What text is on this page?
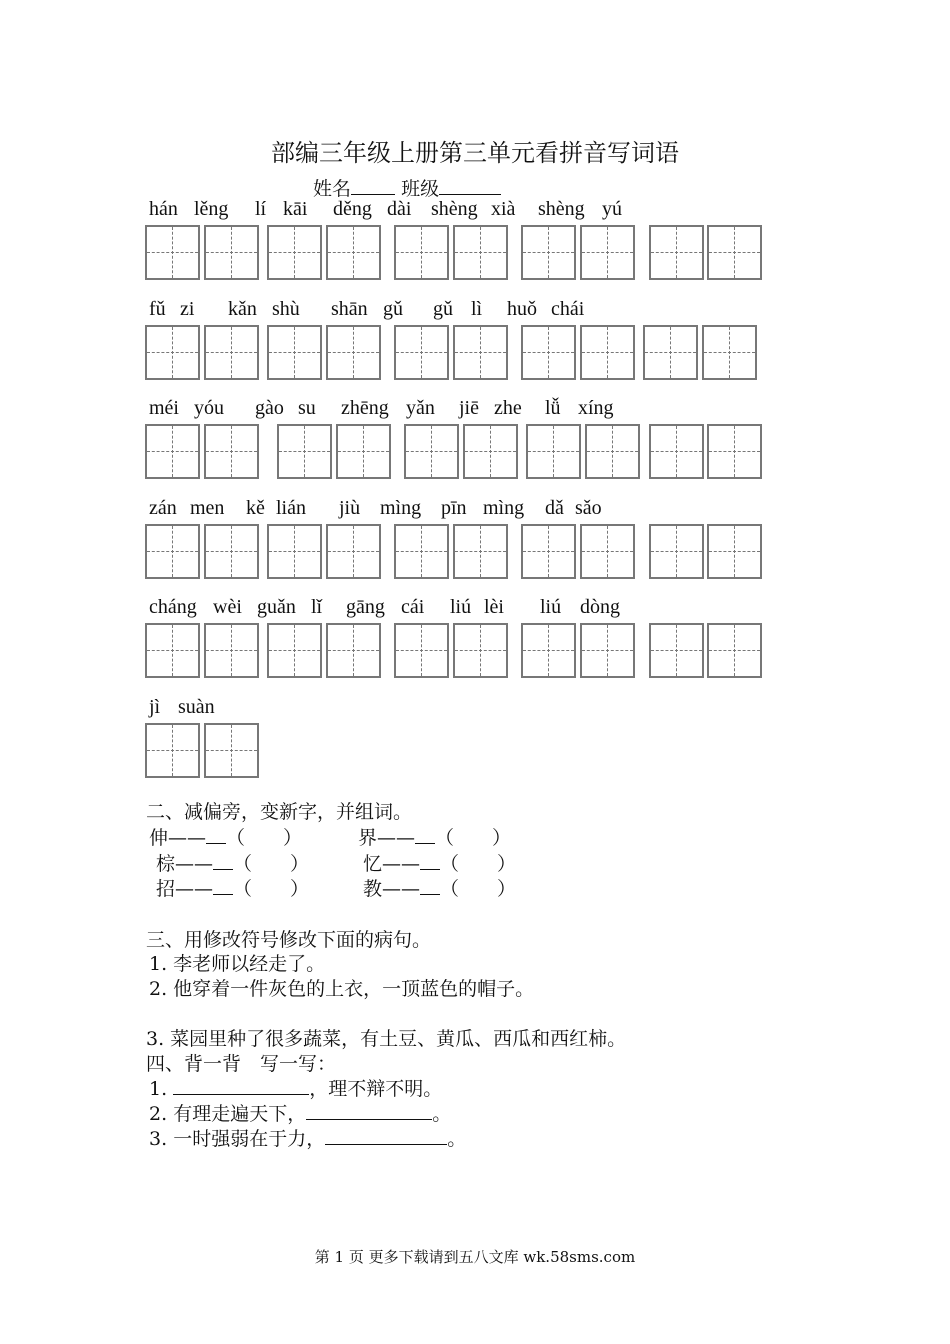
部编三年级上册第三单元看拼音写词语
姓名	班级
hán lěng lí kāi děng dài shèng xià shèng yú
fǔ zi kǎn shù shān gǔ gǔ lì huǒ chái
méi yóu gào su zhēng yǎn jiē zhe lǚ xíng
zán men kě lián jiù mìng pīn mìng dǎ sǎo
cháng wèi guǎn lǐ gāng cái liú lèi liú dòng
jì suàn
二、减偏旁，变新字，并组词。
伸—— （　　）	界—— （　　）
棕—— （　　）	忆—— （　　）
招—— （　　）	教—— （　　）
三、用修改符号修改下面的病句。
1. 李老师以经走了。
2. 他穿着一件灰色的上衣，一顶蓝色的帽子。
3. 菜园里种了很多蔬菜，有土豆、黄瓜、西瓜和西红柿。
四、背一背　写一写：
1.	，理不辩不明。
2. 有理走遍天下，	。
3. 一时强弱在于力，	。
第 1 页 更多下载请到五八文库 wk.58sms.com
